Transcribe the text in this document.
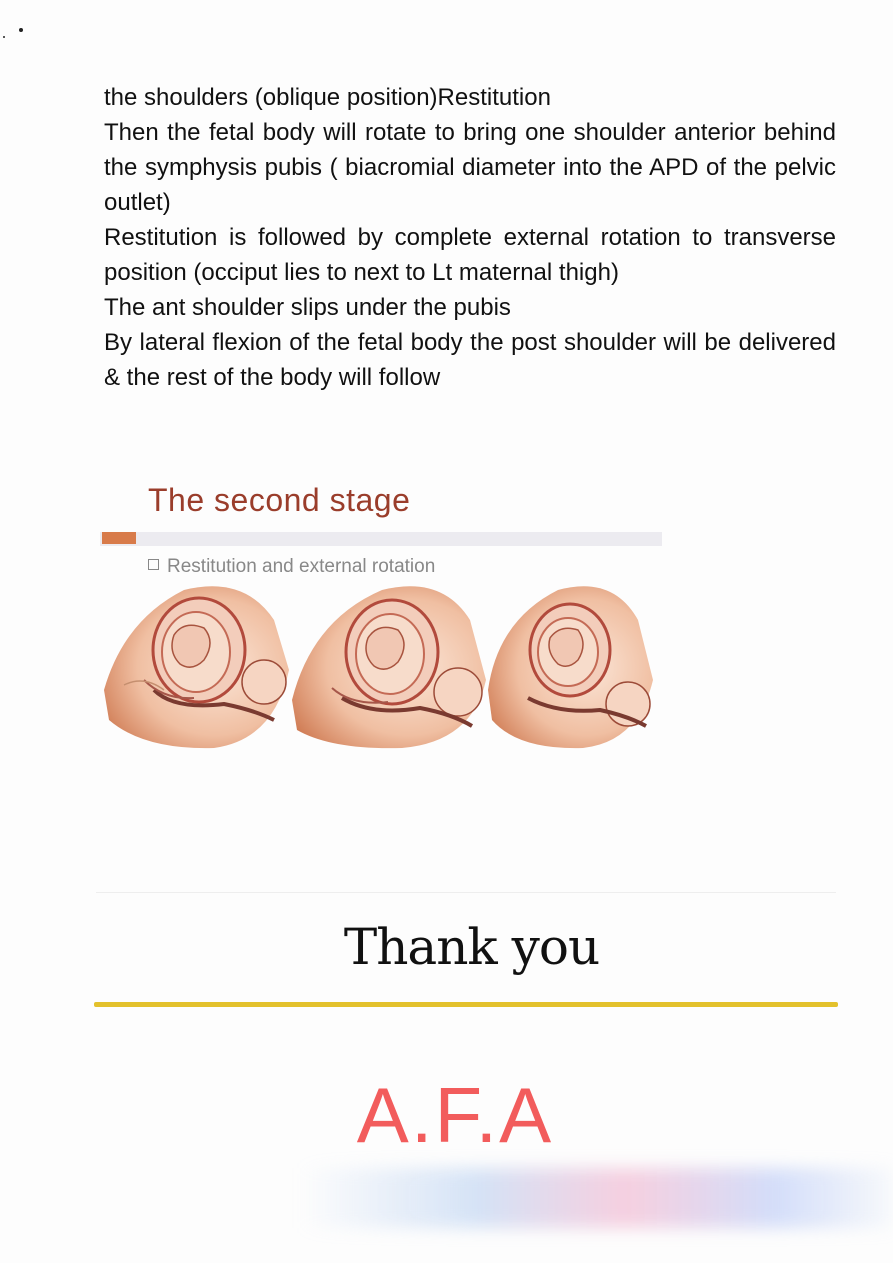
the shoulders (oblique position)Restitution

Then the fetal body will rotate to bring one shoulder anterior behind the symphysis pubis ( biacromial diameter into the APD of the pelvic outlet)

Restitution is followed by complete external rotation to transverse position (occiput lies to next to Lt maternal thigh)

The ant shoulder slips under the pubis

By lateral flexion of the fetal body the post shoulder will be delivered & the rest of the body will follow

The second stage
Restitution and external rotation
Thank you
A.F.A
